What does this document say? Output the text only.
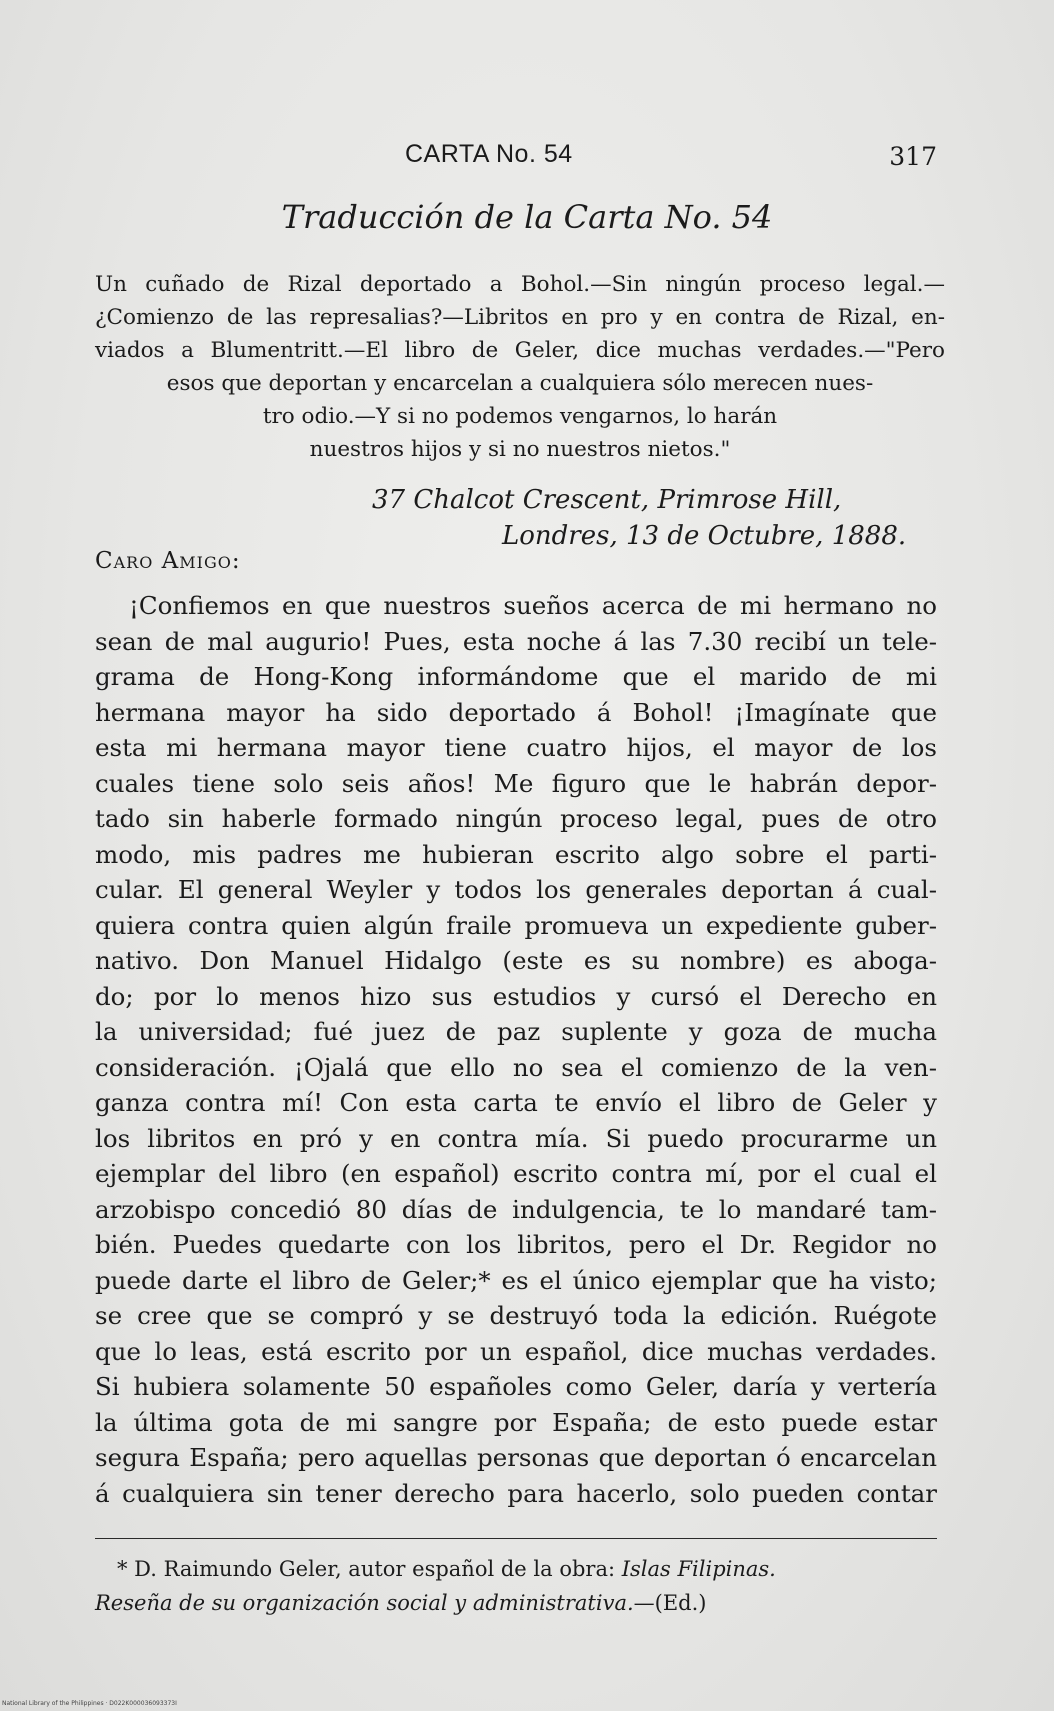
CARTA No. 54	317
Traducción de la Carta No. 54
Un cuñado de Rizal deportado a Bohol.—Sin ningún proceso legal.—
¿Comienzo de las represalias?—Libritos en pro y en contra de Rizal, en-
viados a Blumentritt.—El libro de Geler, dice muchas verdades.—"Pero
esos que deportan y encarcelan a cualquiera sólo merecen nues-
tro odio.—Y si no podemos vengarnos, lo harán
nuestros hijos y si no nuestros nietos."
37 Chalcot Crescent, Primrose Hill,
Londres, 13 de Octubre, 1888.
Caro Amigo:
¡Confiemos en que nuestros sueños acerca de mi hermano no
sean de mal augurio! Pues, esta noche á las 7.30 recibí un tele-
grama de Hong-Kong informándome que el marido de mi
hermana mayor ha sido deportado á Bohol! ¡Imagínate que
esta mi hermana mayor tiene cuatro hijos, el mayor de los
cuales tiene solo seis años! Me figuro que le habrán depor-
tado sin haberle formado ningún proceso legal, pues de otro
modo, mis padres me hubieran escrito algo sobre el parti-
cular. El general Weyler y todos los generales deportan á cual-
quiera contra quien algún fraile promueva un expediente guber-
nativo. Don Manuel Hidalgo (este es su nombre) es aboga-
do; por lo menos hizo sus estudios y cursó el Derecho en
la universidad; fué juez de paz suplente y goza de mucha
consideración. ¡Ojalá que ello no sea el comienzo de la ven-
ganza contra mí! Con esta carta te envío el libro de Geler y
los libritos en pró y en contra mía. Si puedo procurarme un
ejemplar del libro (en español) escrito contra mí, por el cual el
arzobispo concedió 80 días de indulgencia, te lo mandaré tam-
bién. Puedes quedarte con los libritos, pero el Dr. Regidor no
puede darte el libro de Geler;* es el único ejemplar que ha visto;
se cree que se compró y se destruyó toda la edición. Ruégote
que lo leas, está escrito por un español, dice muchas verdades.
Si hubiera solamente 50 españoles como Geler, daría y vertería
la última gota de mi sangre por España; de esto puede estar
segura España; pero aquellas personas que deportan ó encarcelan
á cualquiera sin tener derecho para hacerlo, solo pueden contar
* D. Raimundo Geler, autor español de la obra: Islas Filipinas.
Reseña de su organización social y administrativa.—(Ed.)
National Library of the Philippines · D022K000036093373I
